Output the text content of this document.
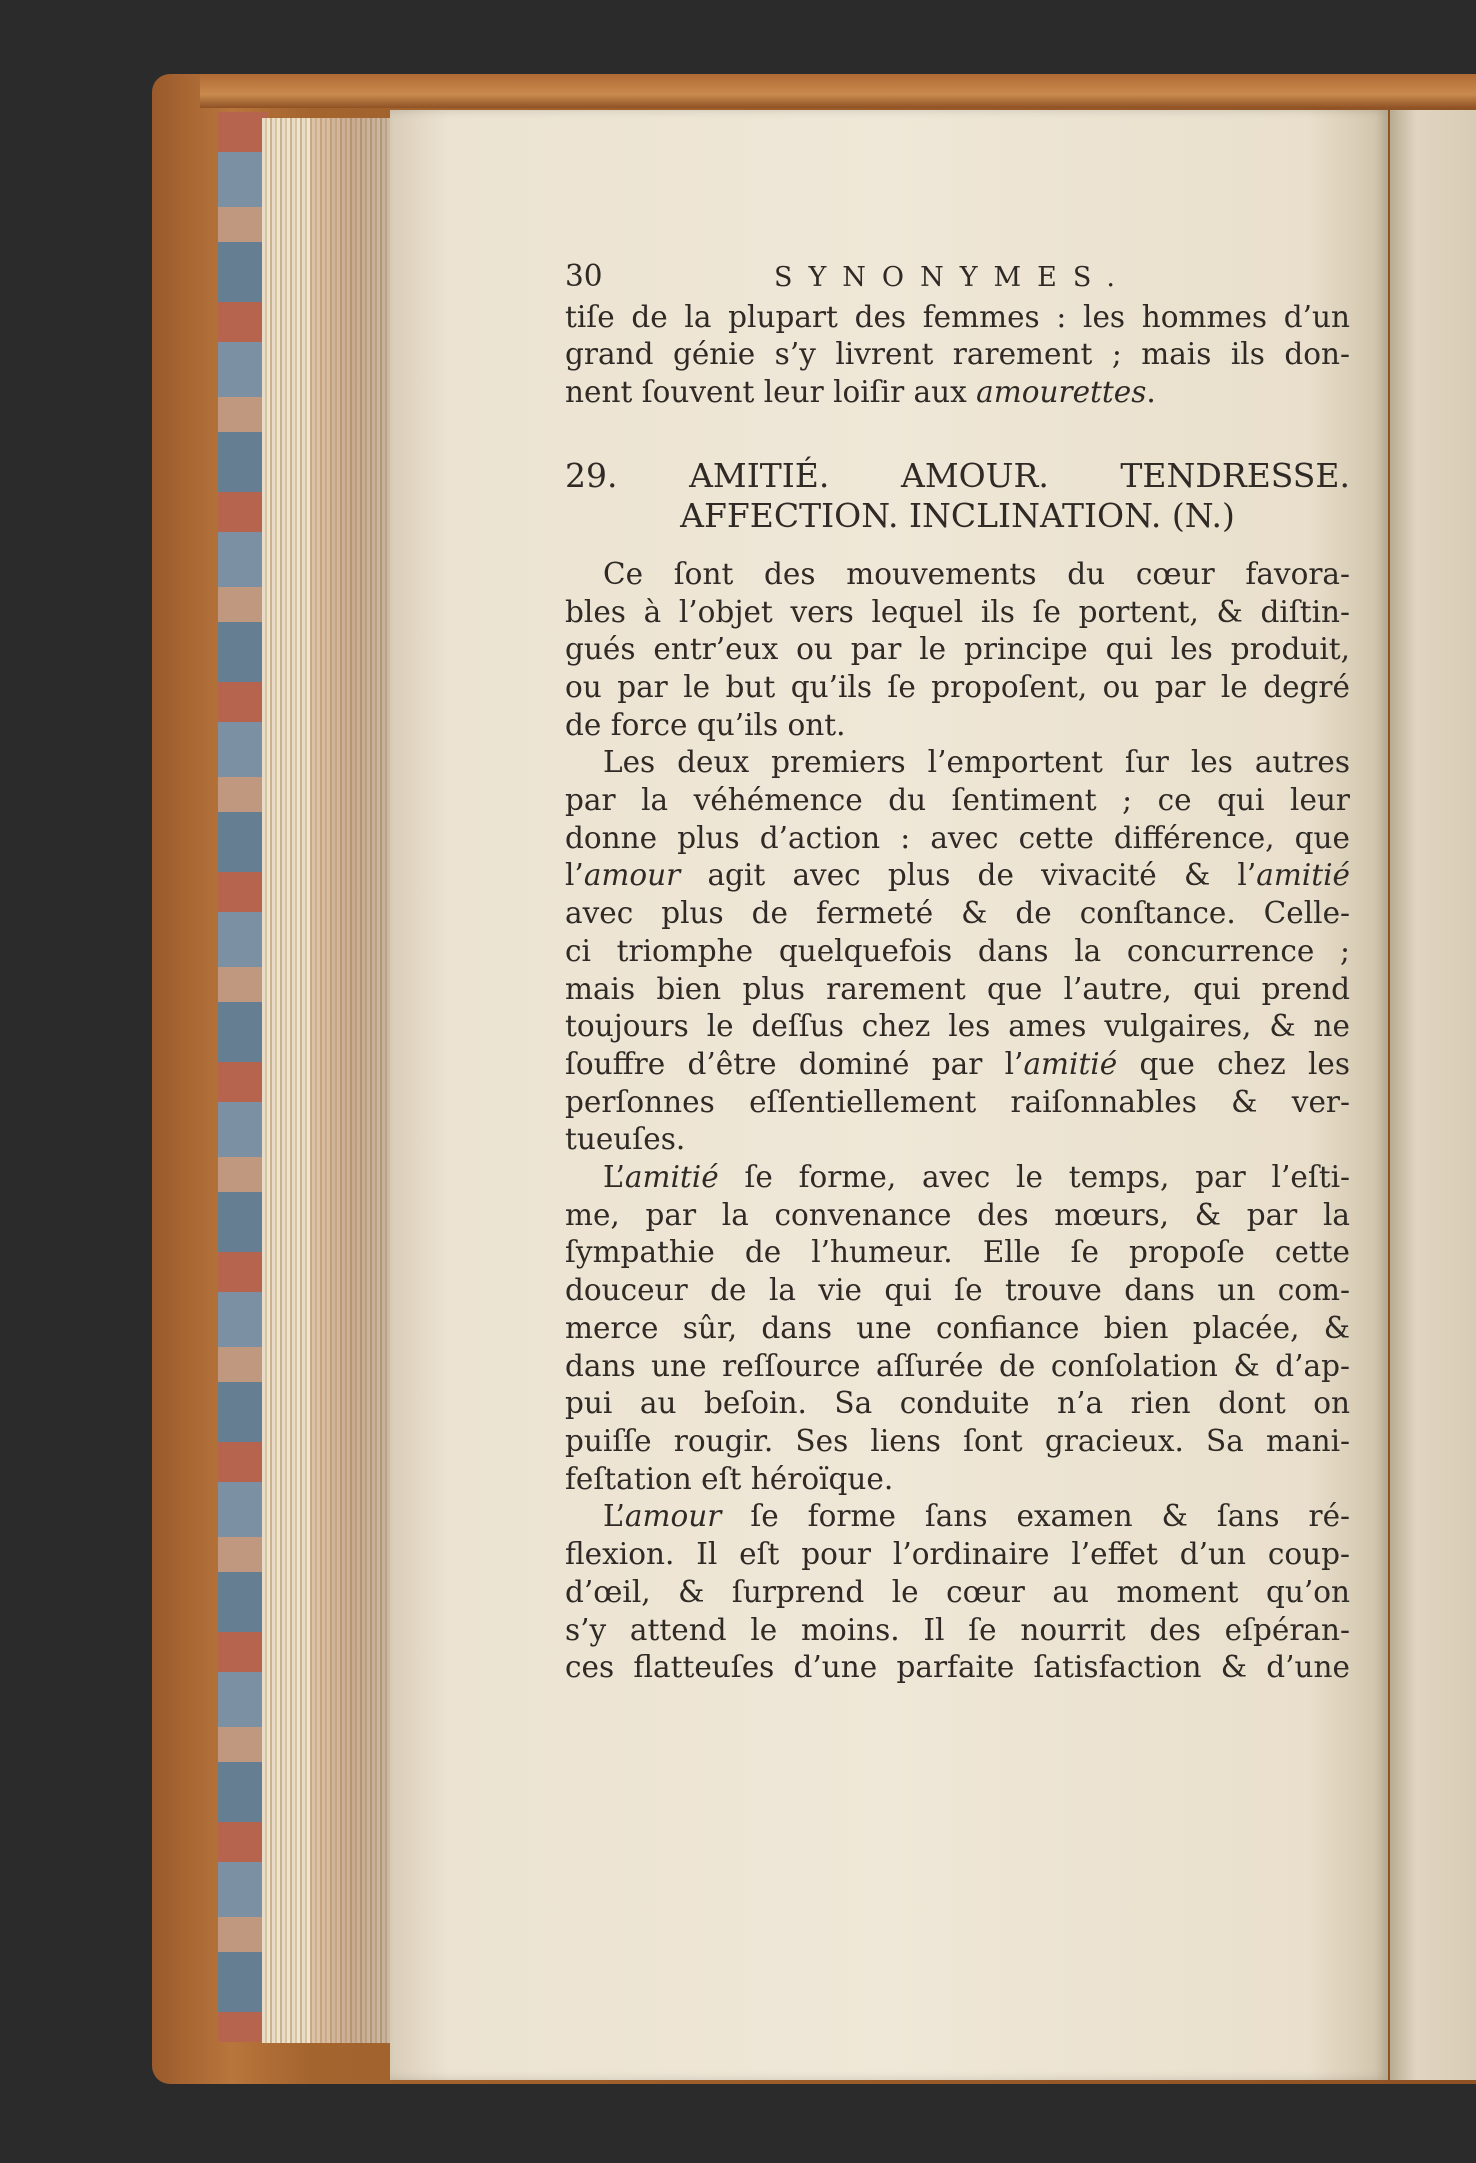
30	SYNONYMES.
tiſe de la plupart des femmes : les hommes d’un
grand génie s’y livrent rarement ; mais ils don-
nent ſouvent leur loiſir aux amourettes.
29. AMITIÉ. AMOUR. TENDRESSE.
AFFECTION. INCLINATION. (N.)
Ce ſont des mouvements du cœur favora-
bles à l’objet vers lequel ils ſe portent, & diſtin-
gués entr’eux ou par le principe qui les produit,
ou par le but qu’ils ſe propoſent, ou par le degré
de force qu’ils ont.
Les deux premiers l’emportent ſur les autres
par la véhémence du ſentiment ; ce qui leur
donne plus d’action : avec cette différence, que
l’amour agit avec plus de vivacité & l’amitié
avec plus de fermeté & de conſtance. Celle-
ci triomphe quelquefois dans la concurrence ;
mais bien plus rarement que l’autre, qui prend
toujours le deſſus chez les ames vulgaires, & ne
ſouffre d’être dominé par l’amitié que chez les
perſonnes eſſentiellement raiſonnables & ver-
tueuſes.
L’amitié ſe forme, avec le temps, par l’eſti-
me, par la convenance des mœurs, & par la
ſympathie de l’humeur. Elle ſe propoſe cette
douceur de la vie qui ſe trouve dans un com-
merce sûr, dans une confiance bien placée, &
dans une reſſource aſſurée de conſolation & d’ap-
pui au beſoin. Sa conduite n’a rien dont on
puiſſe rougir. Ses liens ſont gracieux. Sa mani-
feſtation eſt héroïque.
L’amour ſe forme ſans examen & ſans ré-
flexion. Il eſt pour l’ordinaire l’effet d’un coup-
d’œil, & ſurprend le cœur au moment qu’on
s’y attend le moins. Il ſe nourrit des eſpéran-
ces flatteuſes d’une parfaite ſatisfaction & d’une
